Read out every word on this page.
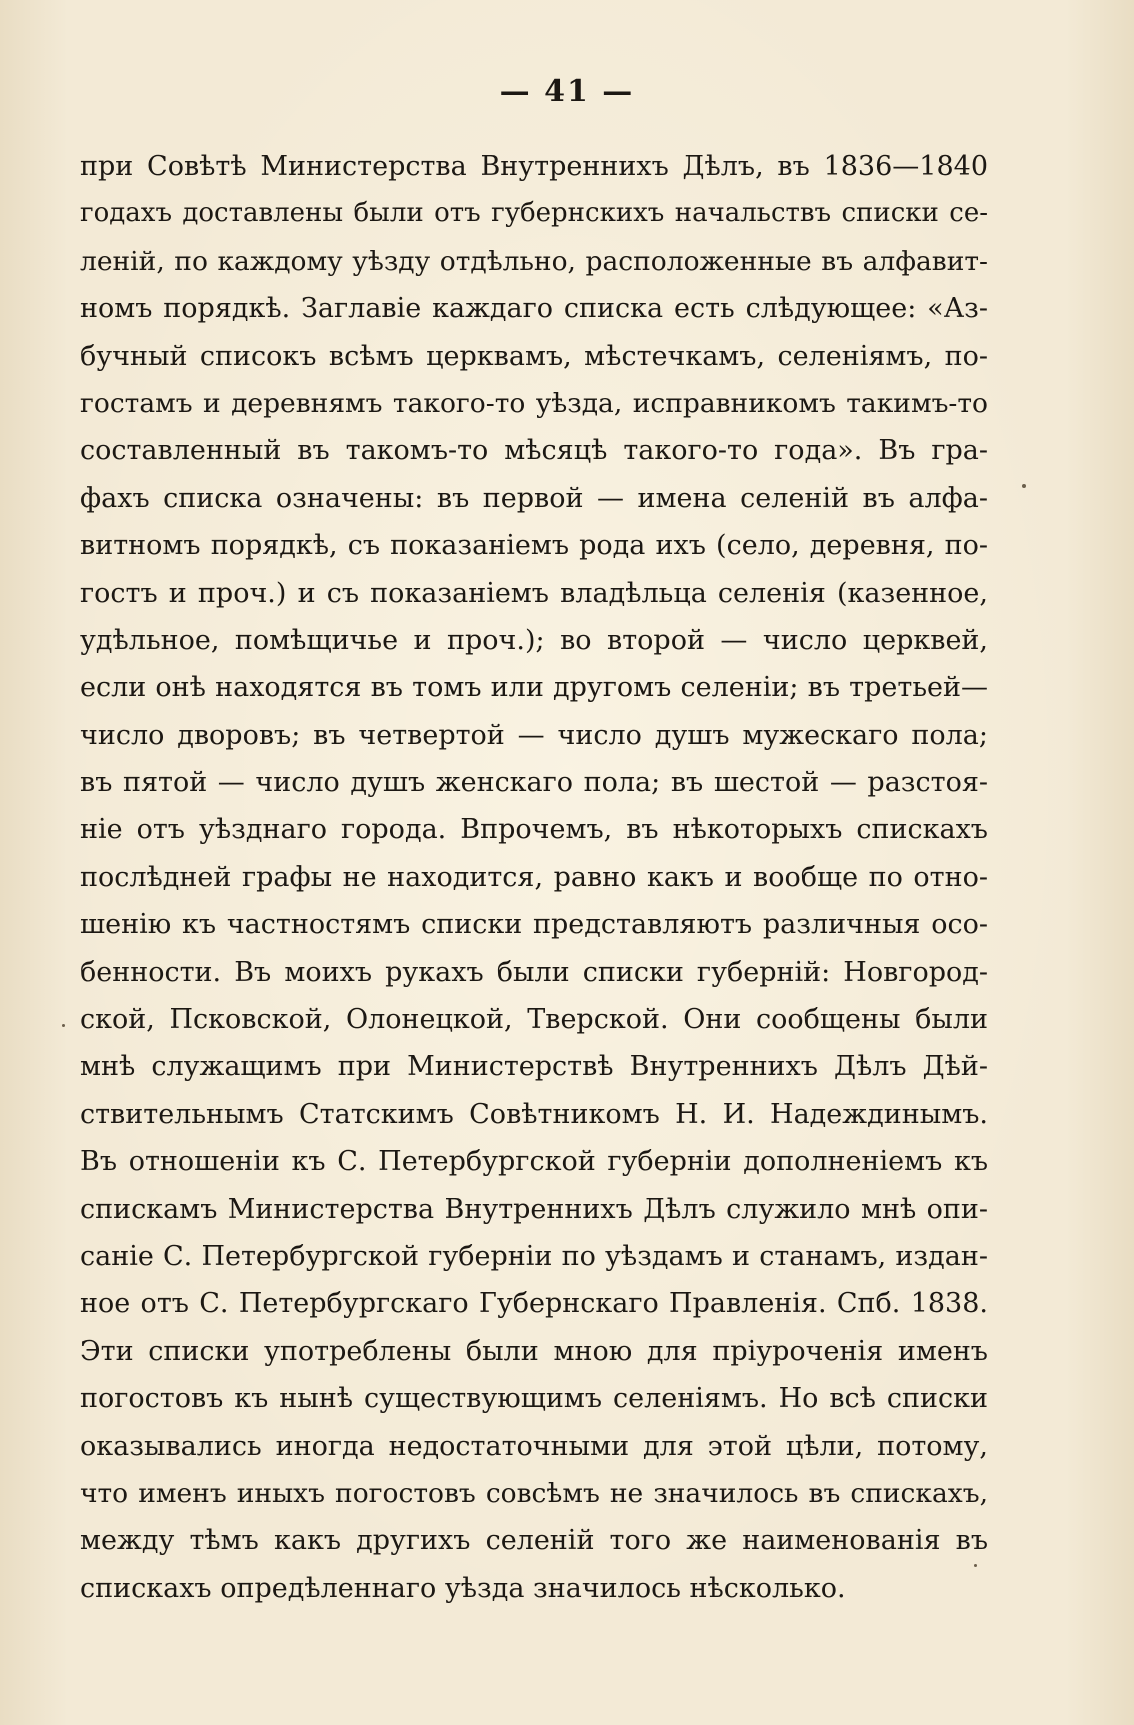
— 41 —
при Совѣтѣ Министерства Внутреннихъ Дѣлъ, въ 1836—1840
годахъ доставлены были отъ губернскихъ начальствъ списки се-
леній, по каждому уѣзду отдѣльно, расположенные въ алфавит-
номъ порядкѣ. Заглавіе каждаго списка есть слѣдующее: «Аз-
бучный списокъ всѣмъ церквамъ, мѣстечкамъ, селеніямъ, по-
гостамъ и деревнямъ такого-то уѣзда, исправникомъ такимъ-то
составленный въ такомъ-то мѣсяцѣ такого-то года». Въ гра-
фахъ списка означены: въ первой — имена селеній въ алфа-
витномъ порядкѣ, съ показаніемъ рода ихъ (село, деревня, по-
гостъ и проч.) и съ показаніемъ владѣльца селенія (казенное,
удѣльное, помѣщичье и проч.); во второй — число церквей,
если онѣ находятся въ томъ или другомъ селеніи; въ третьей—
число дворовъ; въ четвертой — число душъ мужескаго пола;
въ пятой — число душъ женскаго пола; въ шестой — разстоя-
ніе отъ уѣзднаго города. Впрочемъ, въ нѣкоторыхъ спискахъ
послѣдней графы не находится, равно какъ и вообще по отно-
шенію къ частностямъ списки представляютъ различныя осо-
бенности. Въ моихъ рукахъ были списки губерній: Новгород-
ской, Псковской, Олонецкой, Тверской. Они сообщены были
мнѣ служащимъ при Министерствѣ Внутреннихъ Дѣлъ Дѣй-
ствительнымъ Статскимъ Совѣтникомъ Н. И. Надеждинымъ.
Въ отношеніи къ С. Петербургской губерніи дополненіемъ къ
спискамъ Министерства Внутреннихъ Дѣлъ служило мнѣ опи-
саніе С. Петербургской губерніи по уѣздамъ и станамъ, издан-
ное отъ С. Петербургскаго Губернскаго Правленія. Спб. 1838.
Эти списки употреблены были мною для пріуроченія именъ
погостовъ къ нынѣ существующимъ селеніямъ. Но всѣ списки
оказывались иногда недостаточными для этой цѣли, потому,
что именъ иныхъ погостовъ совсѣмъ не значилось въ спискахъ,
между тѣмъ какъ другихъ селеній того же наименованія въ
спискахъ опредѣленнаго уѣзда значилось нѣсколько.
